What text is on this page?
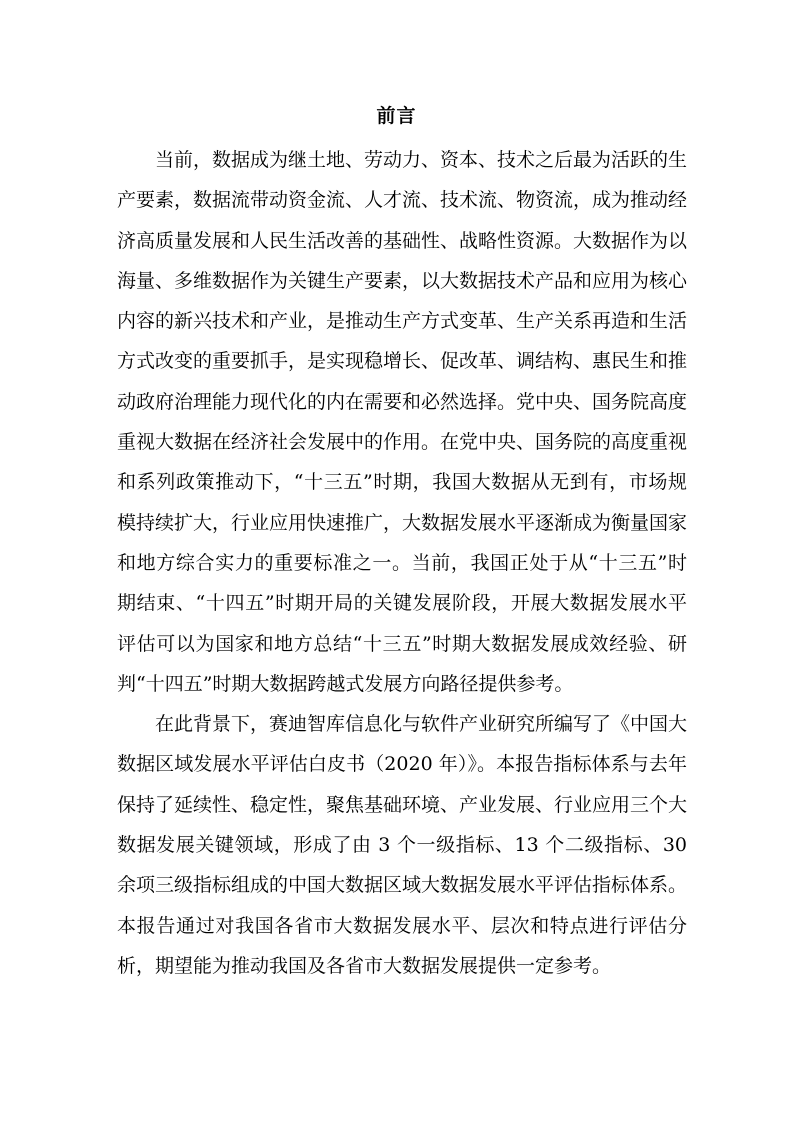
前言

当前，数据成为继土地、劳动力、资本、技术之后最为活跃的生产要素，数据流带动资金流、人才流、技术流、物资流，成为推动经济高质量发展和人民生活改善的基础性、战略性资源。大数据作为以海量、多维数据作为关键生产要素，以大数据技术产品和应用为核心内容的新兴技术和产业，是推动生产方式变革、生产关系再造和生活方式改变的重要抓手，是实现稳增长、促改革、调结构、惠民生和推动政府治理能力现代化的内在需要和必然选择。党中央、国务院高度重视大数据在经济社会发展中的作用。在党中央、国务院的高度重视和系列政策推动下，“十三五”时期，我国大数据从无到有，市场规模持续扩大，行业应用快速推广，大数据发展水平逐渐成为衡量国家和地方综合实力的重要标准之一。当前，我国正处于从“十三五”时期结束、“十四五”时期开局的关键发展阶段，开展大数据发展水平评估可以为国家和地方总结“十三五”时期大数据发展成效经验、研判“十四五”时期大数据跨越式发展方向路径提供参考。

在此背景下，赛迪智库信息化与软件产业研究所编写了《中国大数据区域发展水平评估白皮书（2020 年）》。本报告指标体系与去年保持了延续性、稳定性，聚焦基础环境、产业发展、行业应用三个大数据发展关键领域，形成了由 3 个一级指标、13 个二级指标、30余项三级指标组成的中国大数据区域大数据发展水平评估指标体系。本报告通过对我国各省市大数据发展水平、层次和特点进行评估分析，期望能为推动我国及各省市大数据发展提供一定参考。
